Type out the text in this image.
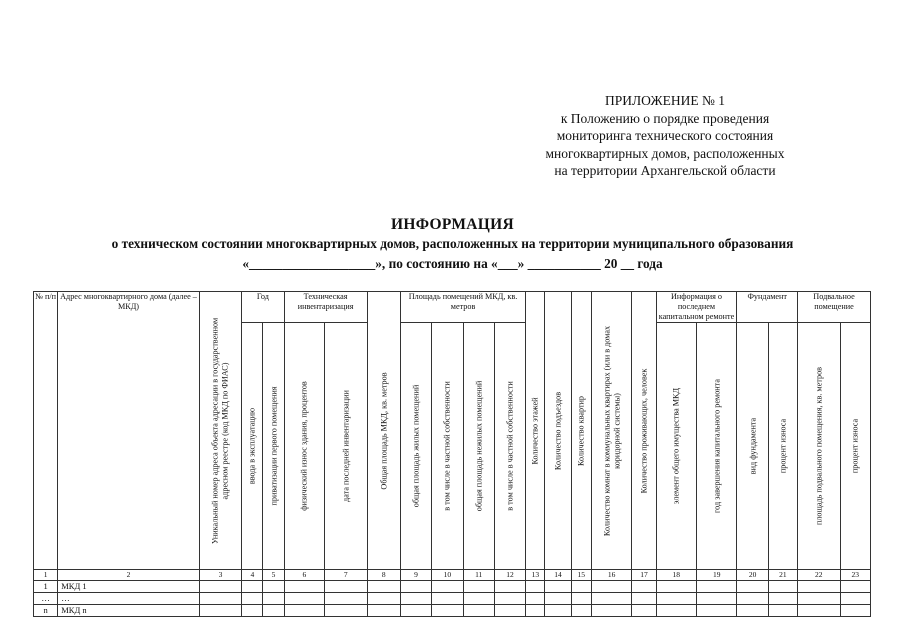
ПРИЛОЖЕНИЕ № 1
к Положению о порядке проведения
мониторинга технического состояния
многоквартирных домов, расположенных
на территории Архангельской области
ИНФОРМАЦИЯ
о техническом состоянии многоквартирных домов, расположенных на территории муниципального образования
«___________________», по состоянию на «___» ___________ 20 __ года
№ п/п	Адрес многоквартирного дома (далее – МКД)	Уникальный номер адреса объекта адресации в государственном адресном реестре (код МКД по ФИАС)	Год		Техническая инвентаризация		Общая площадь МКД, кв. метров	Площадь помещений МКД, кв. метров				Количество этажей	Количество подъездов	Количество квартир	Количество комнат в коммунальных квартирах (или в домах коридорной системы)	Количество проживающих, человек	Информация о последнем капитальном ремонте		Фундамент		Подвальное помещение	

			ввода в эксплуатацию	приватизации первого помещения	физический износ здания, процентов	дата последней инвентаризации		общая площадь жилых помещений	в том числе в частной собственности	общая площадь нежилых помещений	в том числе в частной собственности						элемент общего имущества МКД	год завершения капитального ремонта	вид фундамента	процент износа	площадь подвального помещения, кв. метров	процент износа

1	2	3	4	5	6	7	8	9	10	11	12	13	14	15	16	17	18	19	20	21	22	23
1	МКД 1																					
…	…																					
n	МКД n																					
